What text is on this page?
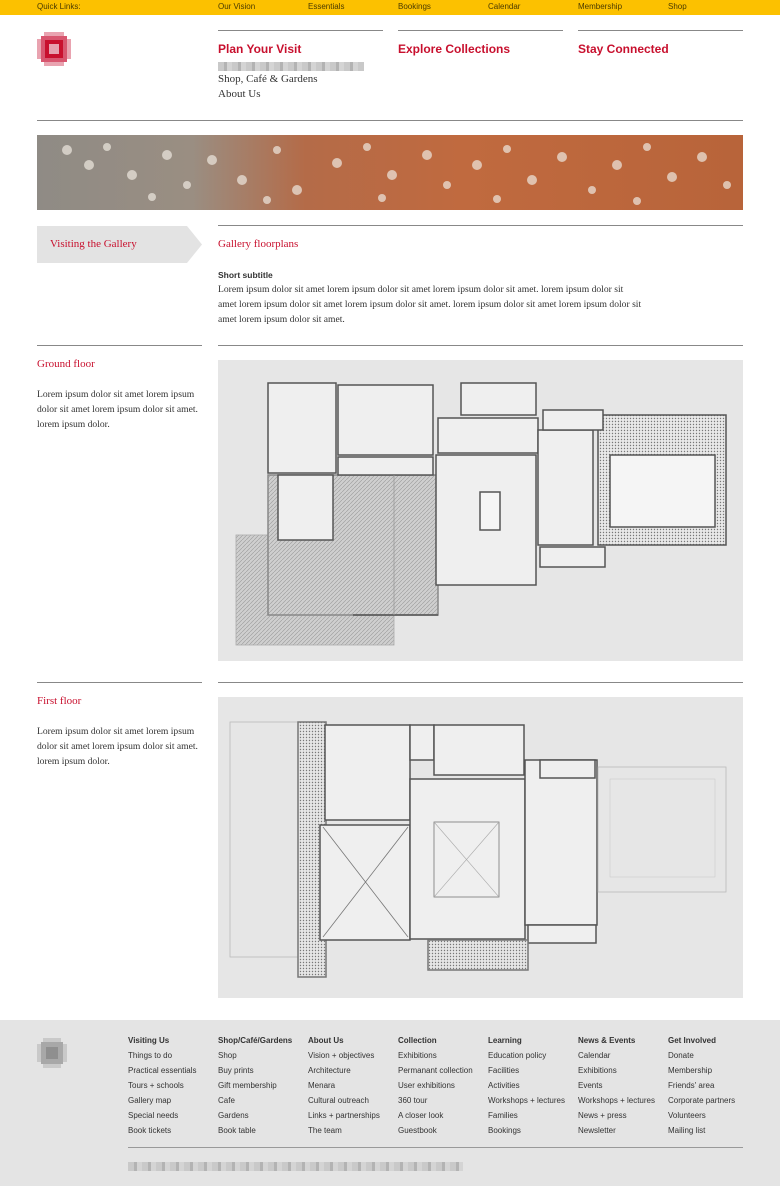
Quick Links:	Our Vision	Essentials	Bookings	Calendar	Membership	Shop
Plan Your Visit	Explore Collections	Stay Connected
Shop, Café & Gardens
About Us
Visiting the Gallery	Gallery floorplans
Short subtitle
Lorem ipsum dolor sit amet lorem ipsum dolor sit amet lorem ipsum dolor sit amet. lorem ipsum dolor sit amet lorem ipsum dolor sit amet lorem ipsum dolor sit amet. lorem ipsum dolor sit amet lorem ipsum dolor sit amet lorem ipsum dolor sit amet.
Ground floor
Lorem ipsum dolor sit amet lorem ipsum dolor sit amet lorem ipsum dolor sit amet. lorem ipsum dolor.
First floor
Lorem ipsum dolor sit amet lorem ipsum dolor sit amet lorem ipsum dolor sit amet. lorem ipsum dolor.
Visiting Us
Things to do
Practical essentials
Tours + schools
Gallery map
Special needs
Book tickets
Shop/Café/Gardens
Shop
Buy prints
Gift membership
Cafe
Gardens
Book table
About Us
Vision + objectives
Architecture
Menara
Cultural outreach
Links + partnerships
The team
Collection
Exhibitions
Permanant collection
User exhibitions
360 tour
A closer look
Guestbook
Learning
Education policy
Facilities
Activities
Workshops + lectures
Families
Bookings
News & Events
Calendar
Exhibitions
Events
Workshops + lectures
News + press
Newsletter
Get Involved
Donate
Membership
Friends' area
Corporate partners
Volunteers
Mailing list
